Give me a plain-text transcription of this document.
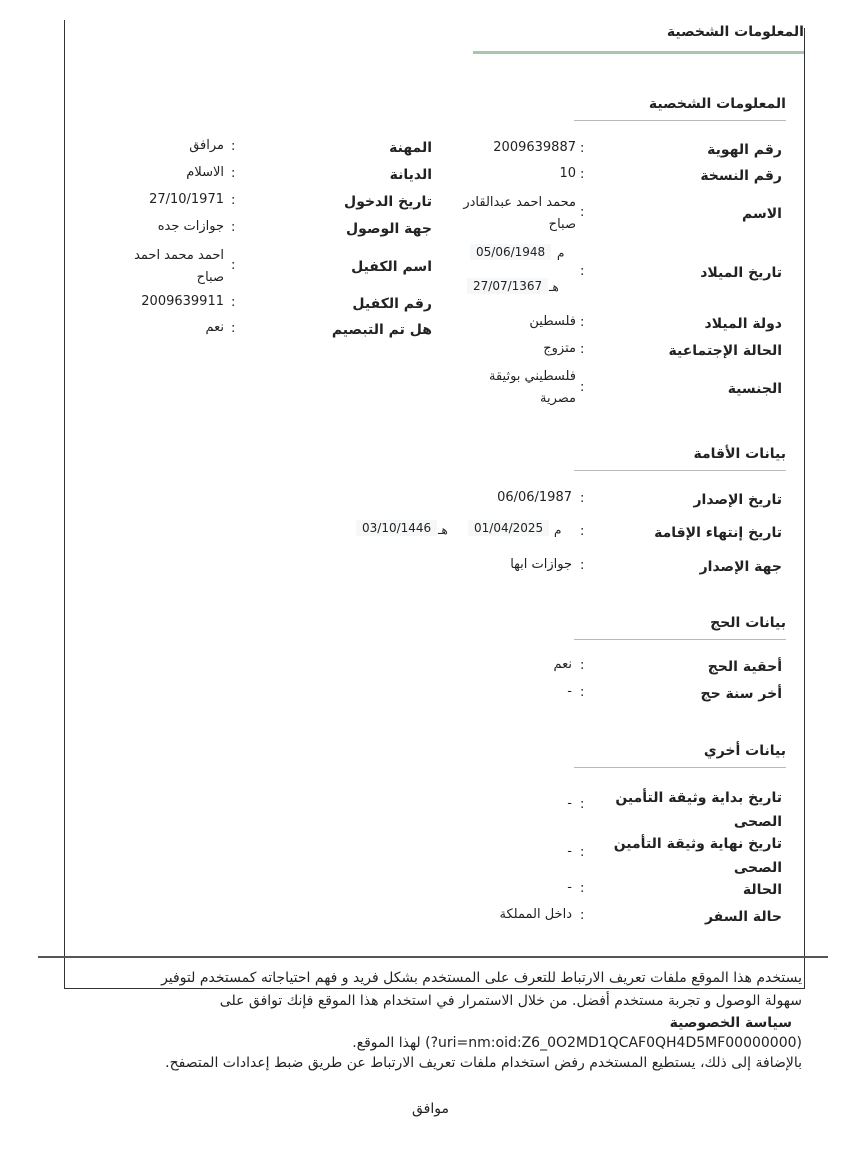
المعلومات الشخصية
المعلومات الشخصية
رقم الهوية
:
2009639887
رقم النسخة
:
10
الاسم
:
محمد احمد عبدالقادر صباح
تاريخ الميلاد
:
م
05/06/1948
هـ
27/07/1367
دولة الميلاد
:
فلسطين
الحالة الإجتماعية
:
متزوج
الجنسية
:
فلسطيني بوثيقة مصرية
المهنة
:
مرافق
الديانة
:
الاسلام
تاريخ الدخول
:
27/10/1971
جهة الوصول
:
جوازات جده
اسم الكفيل
:
احمد محمد احمد صباح
رقم الكفيل
:
2009639911
هل تم التبصيم
:
نعم
بيانات الأقامة
تاريخ الإصدار
:
06/06/1987
تاريخ إنتهاء الإقامة
:
م
01/04/2025
هـ
03/10/1446
جهة الإصدار
:
جوازات ابها
بيانات الحج
أحقية الحج
:
نعم
أخر سنة حج
:
-
بيانات أخري
تاريخ بداية وثيقة التأمين الصحى
:
-
تاريخ نهاية وثيقة التأمين الصحى
:
-
الحالة
:
-
حالة السفر
:
داخل المملكة
يستخدم هذا الموقع ملفات تعريف الارتباط للتعرف على المستخدم بشكل فريد و فهم احتياجاته كمستخدم لتوفير
سهولة الوصول و تجربة مستخدم أفضل. من خلال الاستمرار في استخدام هذا الموقع فإنك توافق على
سياسة الخصوصية
(uri=nm:oid:Z6_0O2MD1QCAF0QH4D5MF00000000?) لهذا الموقع.
بالإضافة إلى ذلك، يستطيع المستخدم رفض استخدام ملفات تعريف الارتباط عن طريق ضبط إعدادات المتصفح.
موافق
